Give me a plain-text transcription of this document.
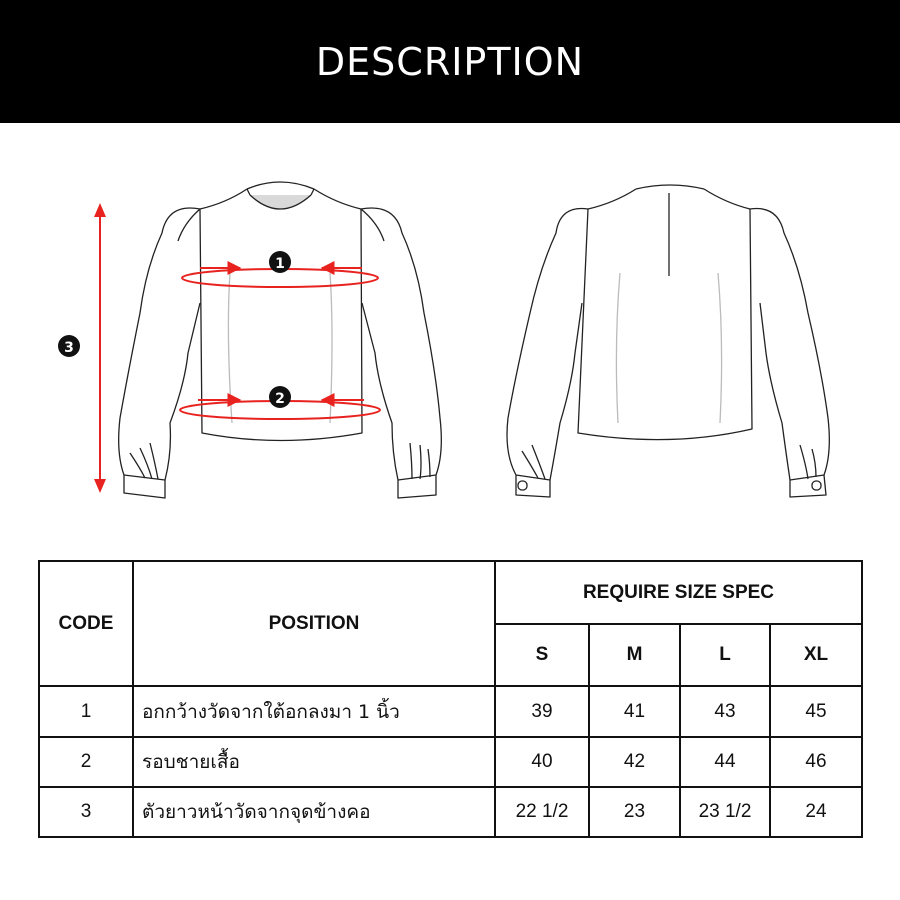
DESCRIPTION
1
2
3
CODE	POSITION	REQUIRE SIZE SPEC			
		S	M	L	XL
1	อกกว้างวัดจากใต้อกลงมา 1 นิ้ว	39	41	43	45
2	รอบชายเสื้อ	40	42	44	46
3	ตัวยาวหน้าวัดจากจุดข้างคอ	22 1/2	23	23 1/2	24
